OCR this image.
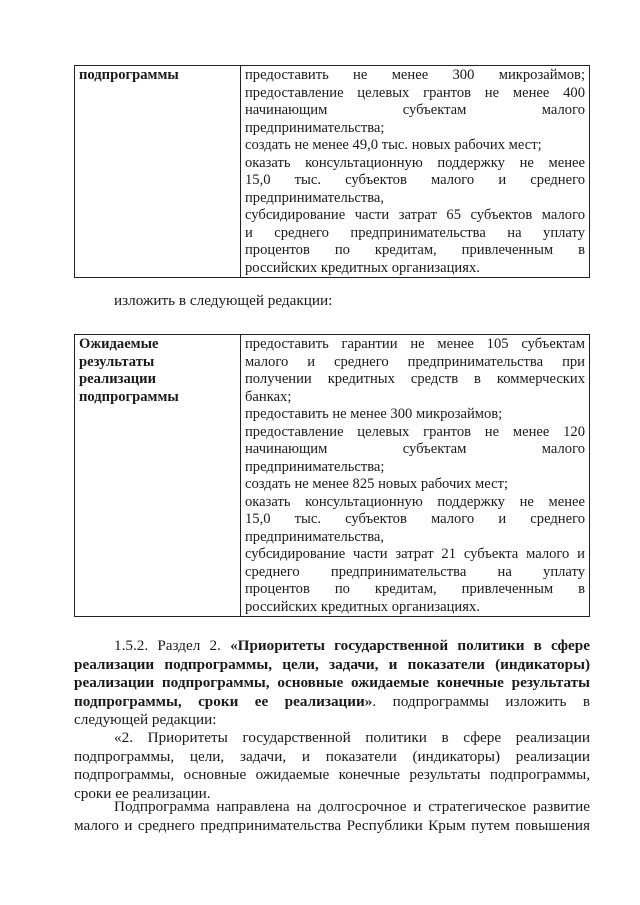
подпрограммы	предоставить не менее 300 микрозаймов;
предоставление целевых грантов не менее 400
начинающим субъектам малого
предпринимательства;
создать не менее 49,0 тыс. новых рабочих мест;
оказать консультационную поддержку не менее
15,0 тыс. субъектов малого и среднего
предпринимательства,
субсидирование части затрат 65 субъектов малого
и среднего предпринимательства на уплату
процентов по кредитам, привлеченным в
российских кредитных организациях.
изложить в следующей редакции:
Ожидаемые
результаты
реализации
подпрограммы

предоставить гарантии не менее 105 субъектам
малого и среднего предпринимательства при
получении кредитных средств в коммерческих
банках;
предоставить не менее 300 микрозаймов;
предоставление целевых грантов не менее 120
начинающим субъектам малого
предпринимательства;
создать не менее 825 новых рабочих мест;
оказать консультационную поддержку не менее
15,0 тыс. субъектов малого и среднего
предпринимательства,
субсидирование части затрат 21 субъекта малого и
среднего предпринимательства на уплату
процентов по кредитам, привлеченным в
российских кредитных организациях.
1.5.2. Раздел 2. «Приоритеты государственной политики в сфере
реализации подпрограммы, цели, задачи, и показатели (индикаторы)
реализации подпрограммы, основные ожидаемые конечные результаты
подпрограммы, сроки ее реализации». подпрограммы изложить в
следующей редакции:
«2. Приоритеты государственной политики в сфере реализации
подпрограммы, цели, задачи, и показатели (индикаторы) реализации
подпрограммы, основные ожидаемые конечные результаты подпрограммы,
сроки ее реализации.
Подпрограмма направлена на долгосрочное и стратегическое развитие
малого и среднего предпринимательства Республики Крым путем повышения
